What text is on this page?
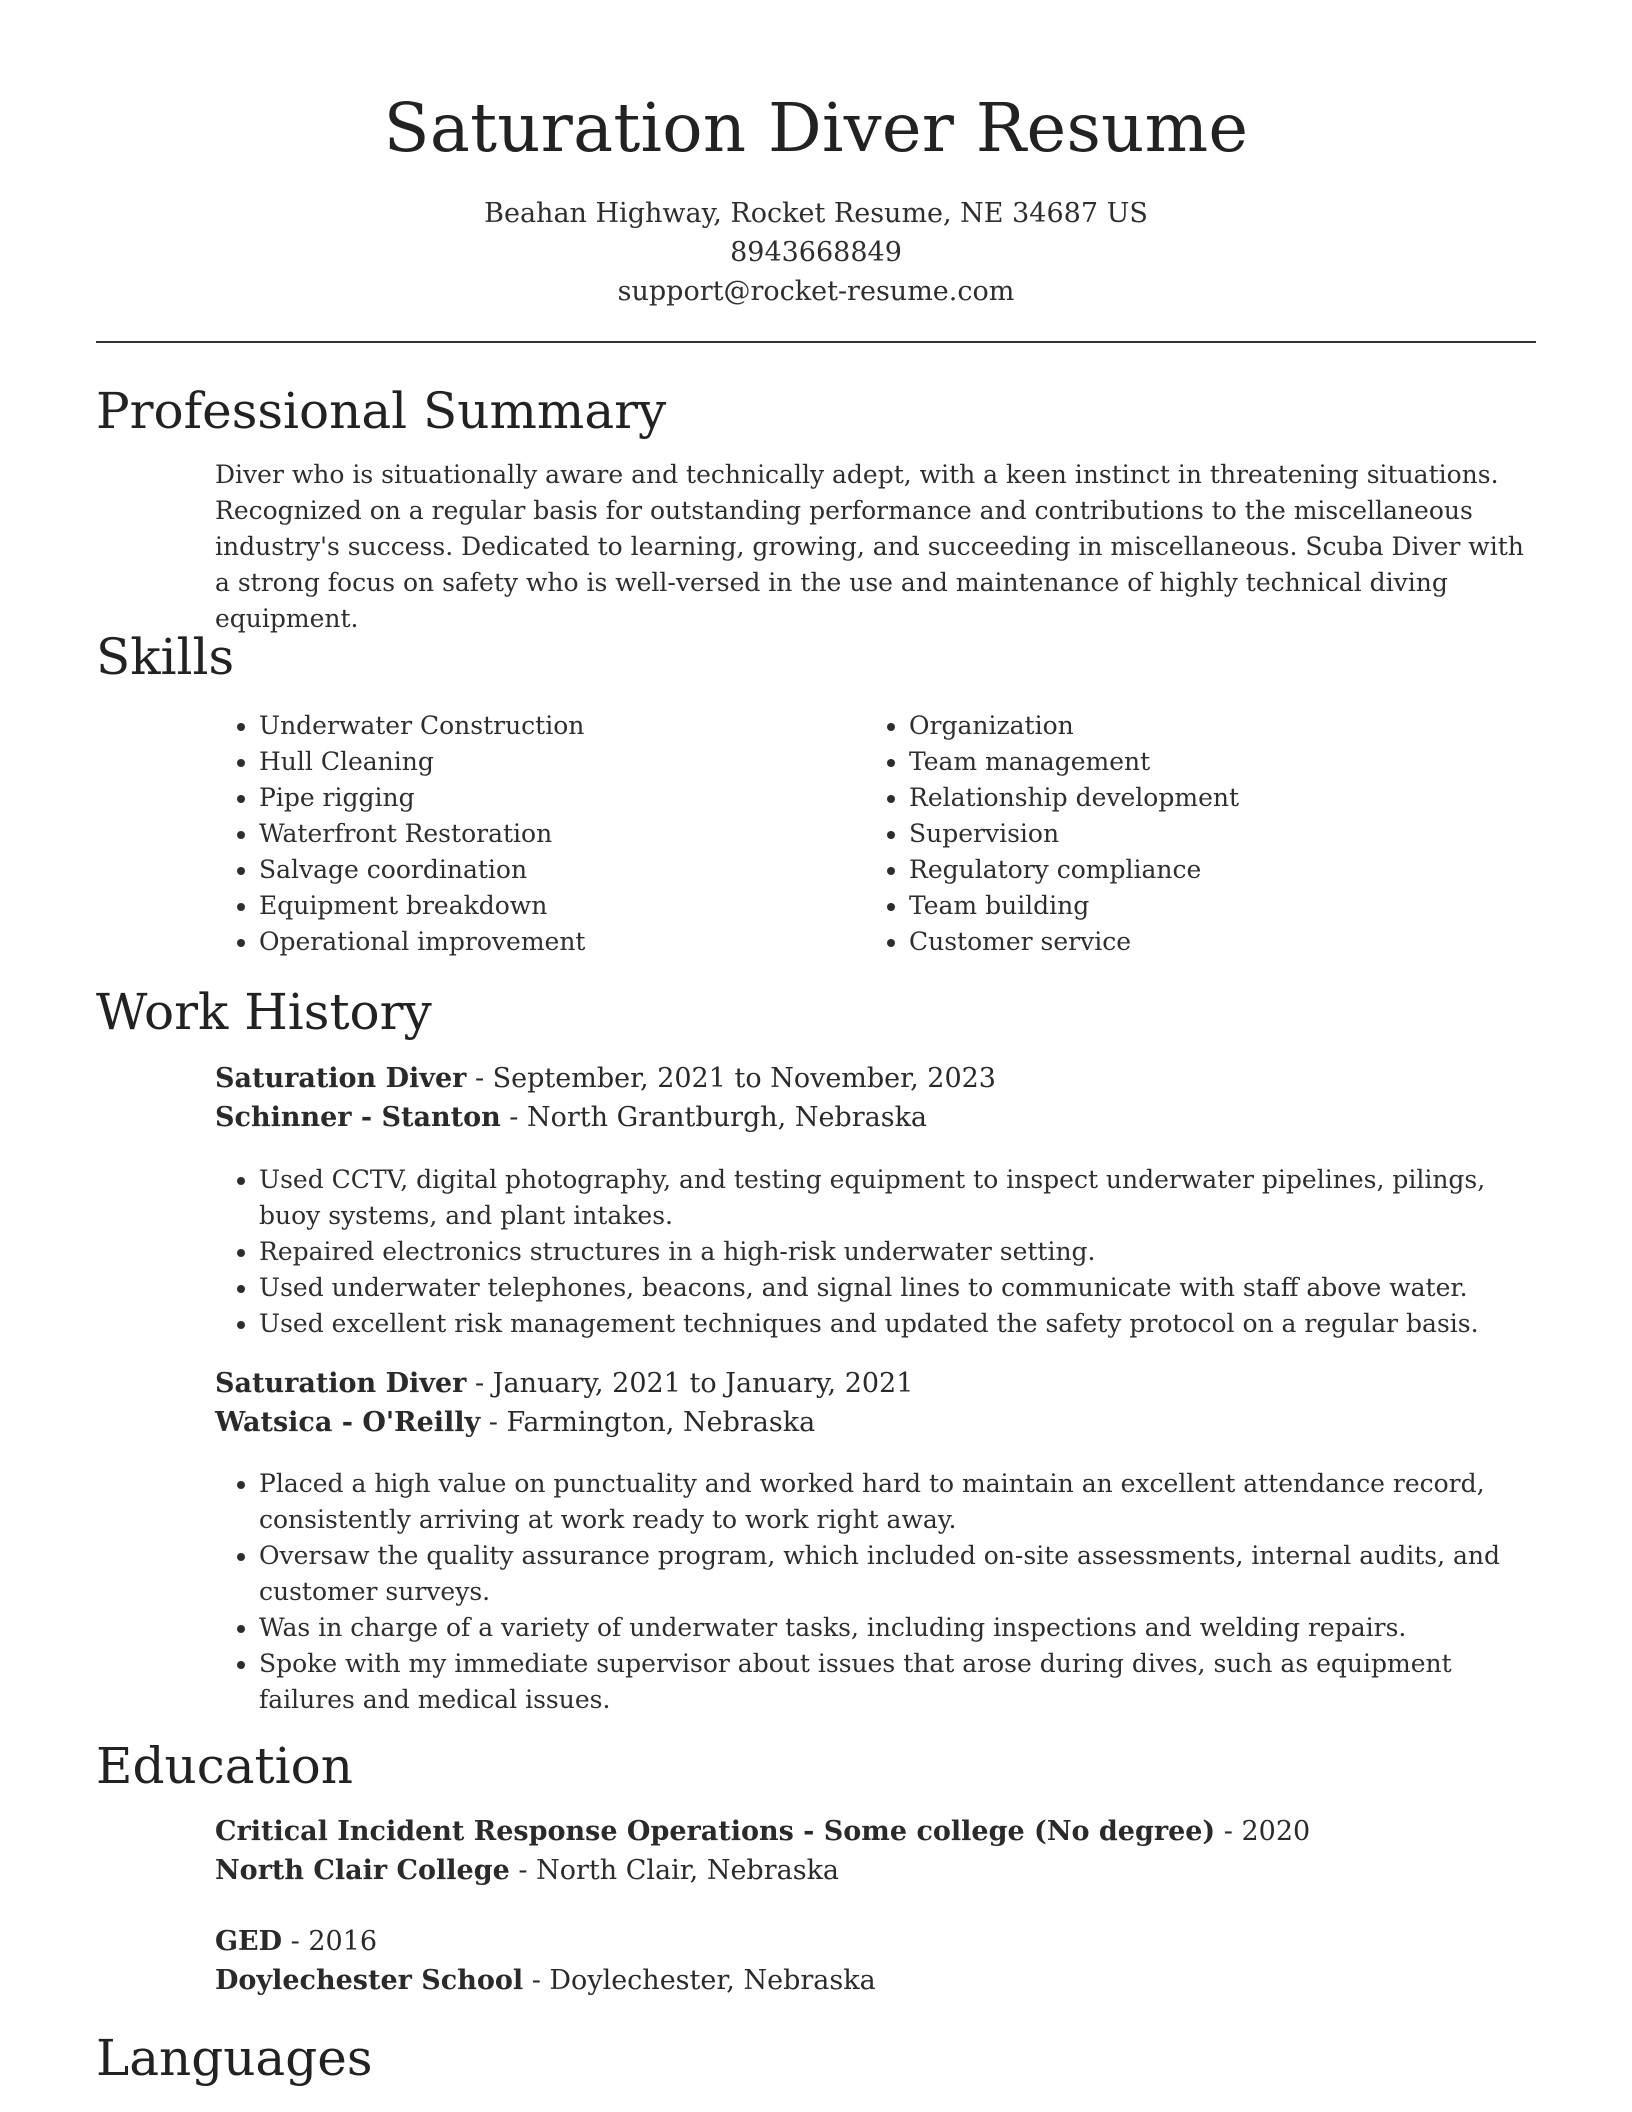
Saturation Diver Resume
Beahan Highway, Rocket Resume, NE 34687 US
8943668849
support@rocket-resume.com
Professional Summary

Diver who is situationally aware and technically adept, with a keen instinct in threatening situations. Recognized on a regular basis for outstanding performance and contributions to the miscellaneous industry's success. Dedicated to learning, growing, and succeeding in miscellaneous. Scuba Diver with a strong focus on safety who is well-versed in the use and maintenance of highly technical diving equipment.

Skills
• Underwater Construction
• Hull Cleaning
• Pipe rigging
• Waterfront Restoration
• Salvage coordination
• Equipment breakdown
• Operational improvement
• Organization
• Team management
• Relationship development
• Supervision
• Regulatory compliance
• Team building
• Customer service
Work History
Saturation Diver - September, 2021 to November, 2023
Schinner - Stanton - North Grantburgh, Nebraska
• Used CCTV, digital photography, and testing equipment to inspect underwater pipelines, pilings, buoy systems, and plant intakes.
• Repaired electronics structures in a high-risk underwater setting.
• Used underwater telephones, beacons, and signal lines to communicate with staff above water.
• Used excellent risk management techniques and updated the safety protocol on a regular basis.
Saturation Diver - January, 2021 to January, 2021
Watsica - O'Reilly - Farmington, Nebraska
• Placed a high value on punctuality and worked hard to maintain an excellent attendance record, consistently arriving at work ready to work right away.
• Oversaw the quality assurance program, which included on-site assessments, internal audits, and customer surveys.
• Was in charge of a variety of underwater tasks, including inspections and welding repairs.
• Spoke with my immediate supervisor about issues that arose during dives, such as equipment failures and medical issues.
Education
Critical Incident Response Operations - Some college (No degree) - 2020
North Clair College - North Clair, Nebraska
GED - 2016
Doylechester School - Doylechester, Nebraska
Languages
